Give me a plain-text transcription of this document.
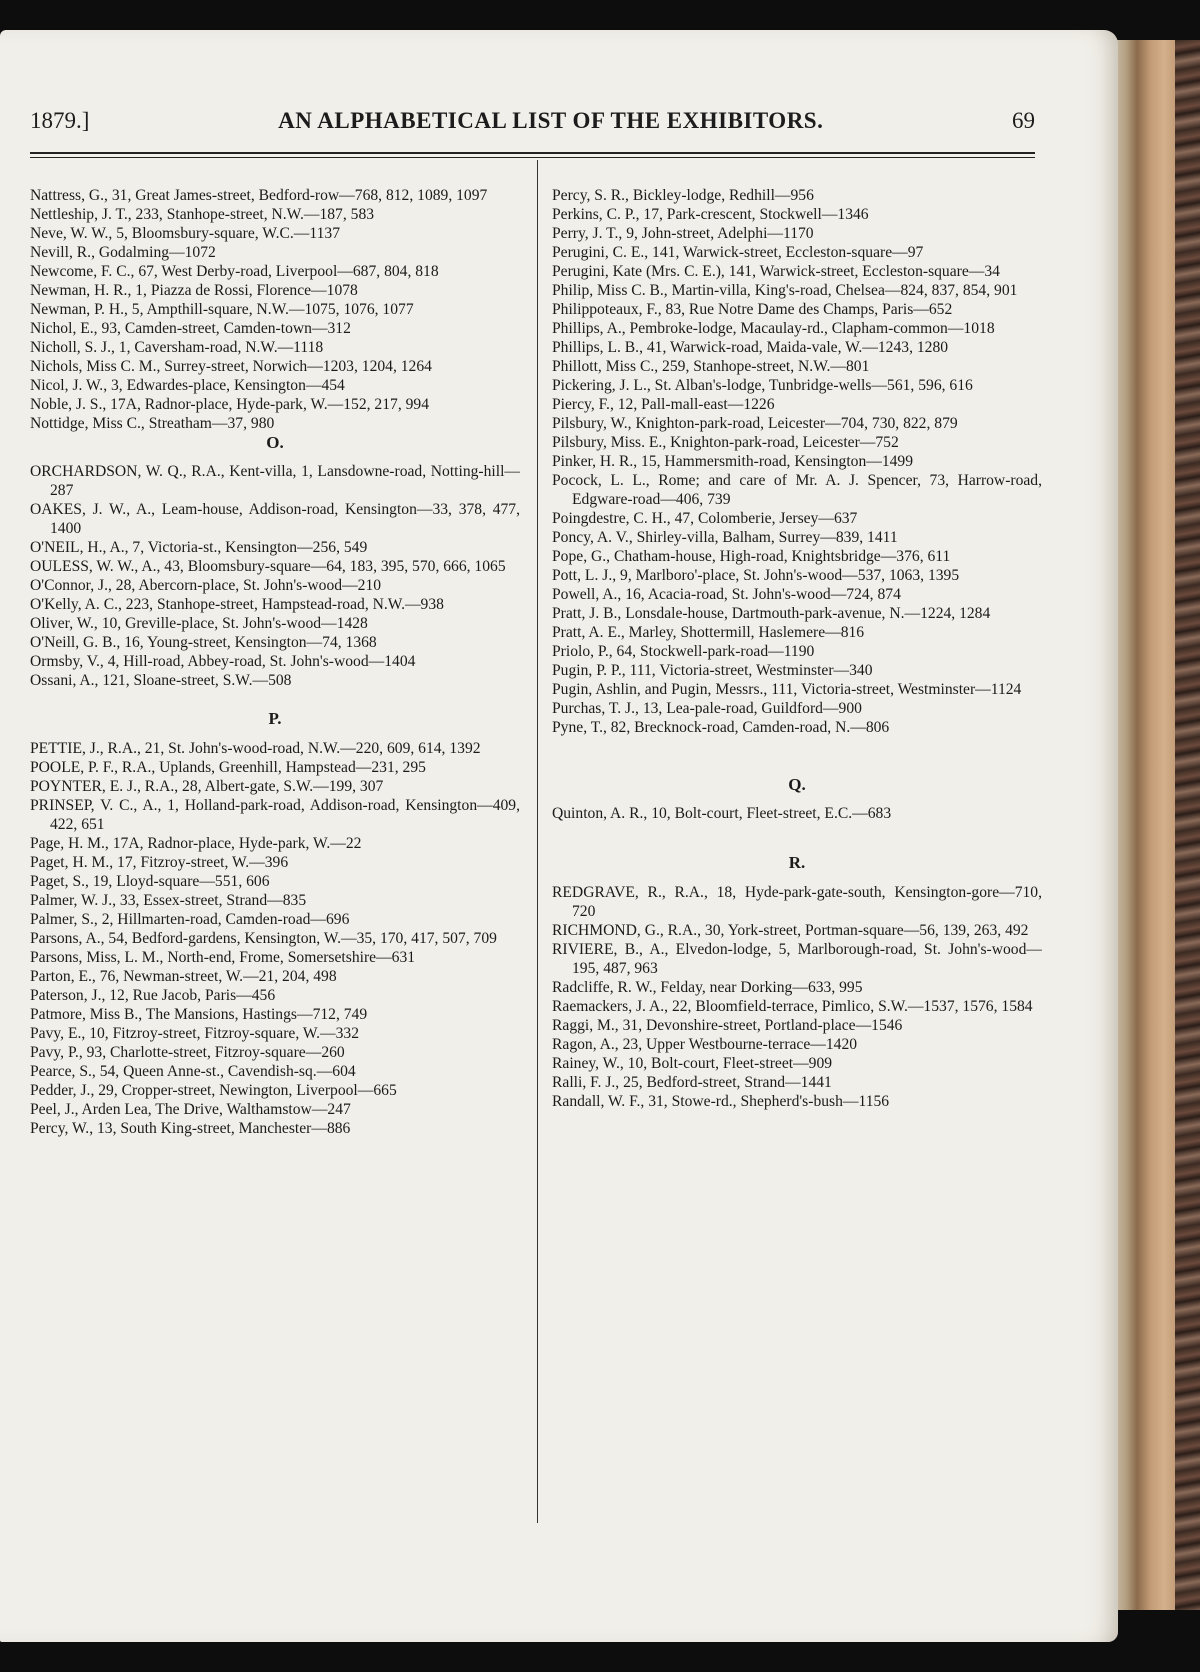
1879.]	AN ALPHABETICAL LIST OF THE EXHIBITORS.	69

Nattress, G., 31, Great James-street, Bedford-row—768, 812, 1089, 1097

Nettleship, J. T., 233, Stanhope-street, N.W.—187, 583

Neve, W. W., 5, Bloomsbury-square, W.C.—1137

Nevill, R., Godalming—1072

Newcome, F. C., 67, West Derby-road, Liverpool—687, 804, 818

Newman, H. R., 1, Piazza de Rossi, Florence—1078

Newman, P. H., 5, Ampthill-square, N.W.—1075, 1076, 1077

Nichol, E., 93, Camden-street, Camden-town—312

Nicholl, S. J., 1, Caversham-road, N.W.—1118

Nichols, Miss C. M., Surrey-street, Norwich—1203, 1204, 1264

Nicol, J. W., 3, Edwardes-place, Kensington—454

Noble, J. S., 17A, Radnor-place, Hyde-park, W.—152, 217, 994

Nottidge, Miss C., Streatham—37, 980

O.

ORCHARDSON, W. Q., R.A., Kent-villa, 1, Lansdowne-road, Notting-hill—287

OAKES, J. W., A., Leam-house, Addison-road, Kensington—33, 378, 477, 1400

O'NEIL, H., A., 7, Victoria-st., Kensington—256, 549

OULESS, W. W., A., 43, Bloomsbury-square—64, 183, 395, 570, 666, 1065

O'Connor, J., 28, Abercorn-place, St. John's-wood—210

O'Kelly, A. C., 223, Stanhope-street, Hampstead-road, N.W.—938

Oliver, W., 10, Greville-place, St. John's-wood—1428

O'Neill, G. B., 16, Young-street, Kensington—74, 1368

Ormsby, V., 4, Hill-road, Abbey-road, St. John's-wood—1404

Ossani, A., 121, Sloane-street, S.W.—508

P.

PETTIE, J., R.A., 21, St. John's-wood-road, N.W.—220, 609, 614, 1392

POOLE, P. F., R.A., Uplands, Greenhill, Hampstead—231, 295

POYNTER, E. J., R.A., 28, Albert-gate, S.W.—199, 307

PRINSEP, V. C., A., 1, Holland-park-road, Addison-road, Kensington—409, 422, 651

Page, H. M., 17A, Radnor-place, Hyde-park, W.—22

Paget, H. M., 17, Fitzroy-street, W.—396

Paget, S., 19, Lloyd-square—551, 606

Palmer, W. J., 33, Essex-street, Strand—835

Palmer, S., 2, Hillmarten-road, Camden-road—696

Parsons, A., 54, Bedford-gardens, Kensington, W.—35, 170, 417, 507, 709

Parsons, Miss, L. M., North-end, Frome, Somersetshire—631

Parton, E., 76, Newman-street, W.—21, 204, 498

Paterson, J., 12, Rue Jacob, Paris—456

Patmore, Miss B., The Mansions, Hastings—712, 749

Pavy, E., 10, Fitzroy-street, Fitzroy-square, W.—332

Pavy, P., 93, Charlotte-street, Fitzroy-square—260

Pearce, S., 54, Queen Anne-st., Cavendish-sq.—604

Pedder, J., 29, Cropper-street, Newington, Liverpool—665

Peel, J., Arden Lea, The Drive, Walthamstow—247

Percy, W., 13, South King-street, Manchester—886

Percy, S. R., Bickley-lodge, Redhill—956

Perkins, C. P., 17, Park-crescent, Stockwell—1346

Perry, J. T., 9, John-street, Adelphi—1170

Perugini, C. E., 141, Warwick-street, Eccleston-square—97

Perugini, Kate (Mrs. C. E.), 141, Warwick-street, Eccleston-square—34

Philip, Miss C. B., Martin-villa, King's-road, Chelsea—824, 837, 854, 901

Philippoteaux, F., 83, Rue Notre Dame des Champs, Paris—652

Phillips, A., Pembroke-lodge, Macaulay-rd., Clapham-common—1018

Phillips, L. B., 41, Warwick-road, Maida-vale, W.—1243, 1280

Phillott, Miss C., 259, Stanhope-street, N.W.—801

Pickering, J. L., St. Alban's-lodge, Tunbridge-wells—561, 596, 616

Piercy, F., 12, Pall-mall-east—1226

Pilsbury, W., Knighton-park-road, Leicester—704, 730, 822, 879

Pilsbury, Miss. E., Knighton-park-road, Leicester—752

Pinker, H. R., 15, Hammersmith-road, Kensington—1499

Pocock, L. L., Rome; and care of Mr. A. J. Spencer, 73, Harrow-road, Edgware-road—406, 739

Poingdestre, C. H., 47, Colomberie, Jersey—637

Poncy, A. V., Shirley-villa, Balham, Surrey—839, 1411

Pope, G., Chatham-house, High-road, Knightsbridge—376, 611

Pott, L. J., 9, Marlboro'-place, St. John's-wood—537, 1063, 1395

Powell, A., 16, Acacia-road, St. John's-wood—724, 874

Pratt, J. B., Lonsdale-house, Dartmouth-park-avenue, N.—1224, 1284

Pratt, A. E., Marley, Shottermill, Haslemere—816

Priolo, P., 64, Stockwell-park-road—1190

Pugin, P. P., 111, Victoria-street, Westminster—340

Pugin, Ashlin, and Pugin, Messrs., 111, Victoria-street, Westminster—1124

Purchas, T. J., 13, Lea-pale-road, Guildford—900

Pyne, T., 82, Brecknock-road, Camden-road, N.—806

Q.

Quinton, A. R., 10, Bolt-court, Fleet-street, E.C.—683

R.

REDGRAVE, R., R.A., 18, Hyde-park-gate-south, Kensington-gore—710, 720

RICHMOND, G., R.A., 30, York-street, Portman-square—56, 139, 263, 492

RIVIERE, B., A., Elvedon-lodge, 5, Marlborough-road, St. John's-wood—195, 487, 963

Radcliffe, R. W., Felday, near Dorking—633, 995

Raemackers, J. A., 22, Bloomfield-terrace, Pimlico, S.W.—1537, 1576, 1584

Raggi, M., 31, Devonshire-street, Portland-place—1546

Ragon, A., 23, Upper Westbourne-terrace—1420

Rainey, W., 10, Bolt-court, Fleet-street—909

Ralli, F. J., 25, Bedford-street, Strand—1441

Randall, W. F., 31, Stowe-rd., Shepherd's-bush—1156
